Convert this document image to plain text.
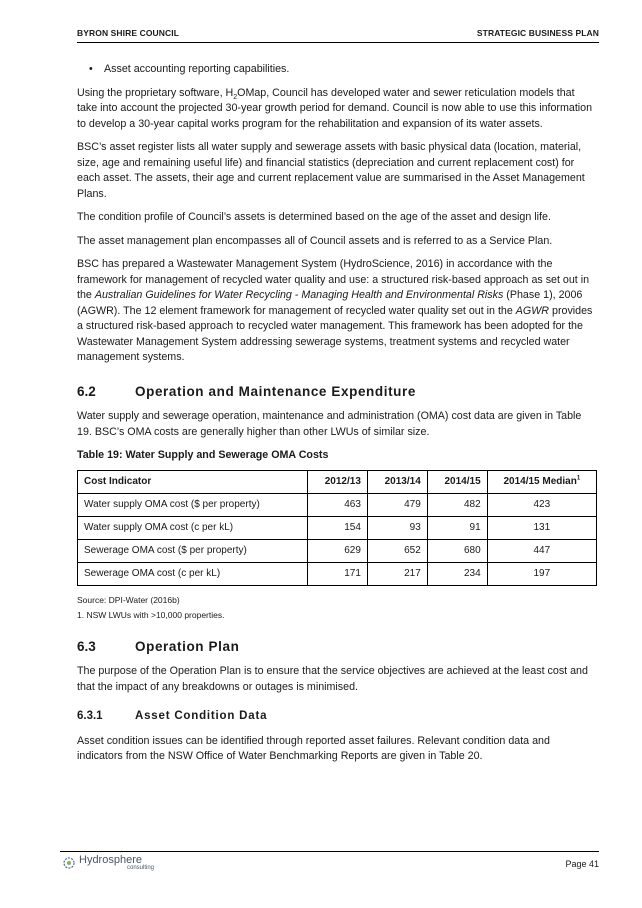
BYRON SHIRE COUNCIL	STRATEGIC BUSINESS PLAN
•	Asset accounting reporting capabilities.

Using the proprietary software, $H_2OMap$, Council has developed water and sewer reticulation models that take into account the projected 30-year growth period for demand. Council is now able to use this information to develop a 30-year capital works program for the rehabilitation and expansion of its water assets.

BSC’s asset register lists all water supply and sewerage assets with basic physical data (location, material, size, age and remaining useful life) and financial statistics (depreciation and current replacement cost) for each asset. The assets, their age and current replacement value are summarised in the Asset Management Plans.

The condition profile of Council’s assets is determined based on the age of the asset and design life.

The asset management plan encompasses all of Council assets and is referred to as a Service Plan.

BSC has prepared a Wastewater Management System (HydroScience, 2016) in accordance with the framework for management of recycled water quality and use: a structured risk-based approach as set out in the Australian Guidelines for Water Recycling - Managing Health and Environmental Risks (Phase 1), 2006 (AGWR). The 12 element framework for management of recycled water quality set out in the AGWR provides a structured risk-based approach to recycled water management. This framework has been adopted for the Wastewater Management System addressing sewerage systems, treatment systems and recycled water management systems.

6.2	Operation and Maintenance Expenditure

Water supply and sewerage operation, maintenance and administration (OMA) cost data are given in Table 19. BSC’s OMA costs are generally higher than other LWUs of similar size.

Table 19: Water Supply and Sewerage OMA Costs
Cost Indicator	2012/13	2013/14	2014/15	2014/15 Median$^1$
Water supply OMA cost ($ per property)	463	479	482	423
Water supply OMA cost (c per kL)	154	93	91	131
Sewerage OMA cost ($ per property)	629	652	680	447
Sewerage OMA cost (c per kL)	171	217	234	197

Source: DPI-Water (2016b)

1. NSW LWUs with >10,000 properties.

6.3	Operation Plan

The purpose of the Operation Plan is to ensure that the service objectives are achieved at the least cost and that the impact of any breakdowns or outages is minimised.

6.3.1	Asset Condition Data

Asset condition issues can be identified through reported asset failures. Relevant condition data and indicators from the NSW Office of Water Benchmarking Reports are given in Table 20.

Hydrosphere
consulting	Page 41
